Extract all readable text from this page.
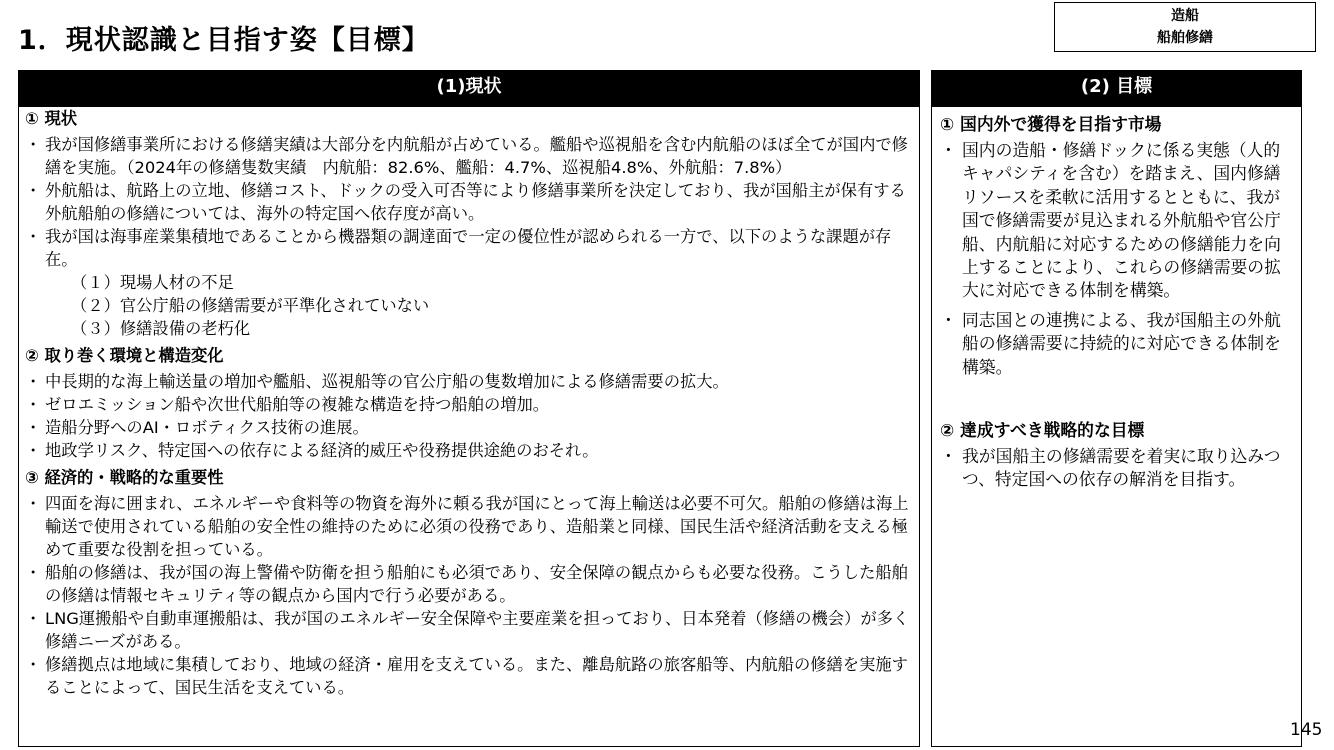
1．現状認識と目指す姿【目標】
造船
船舶修繕
(1)現状
① 現状

・ 我が国修繕事業所における修繕実績は大部分を内航船が占めている。艦船や巡視船を含む内航船のほぼ全てが国内で修繕を実施。（2024年の修繕隻数実績　内航船：82.6%、艦船：4.7%、巡視船4.8%、外航船：7.8%）

・ 外航船は、航路上の立地、修繕コスト、ドックの受入可否等により修繕事業所を決定しており、我が国船主が保有する外航船舶の修繕については、海外の特定国へ依存度が高い。

・ 我が国は海事産業集積地であることから機器類の調達面で一定の優位性が認められる一方で、以下のような課題が存在。

（１）現場人材の不足

（２）官公庁船の修繕需要が平準化されていない

（３）修繕設備の老朽化

② 取り巻く環境と構造変化

・ 中長期的な海上輸送量の増加や艦船、巡視船等の官公庁船の隻数増加による修繕需要の拡大。

・ ゼロエミッション船や次世代船舶等の複雑な構造を持つ船舶の増加。

・ 造船分野へのAI・ロボティクス技術の進展。

・ 地政学リスク、特定国への依存による経済的威圧や役務提供途絶のおそれ。

③ 経済的・戦略的な重要性

・ 四面を海に囲まれ、エネルギーや食料等の物資を海外に頼る我が国にとって海上輸送は必要不可欠。船舶の修繕は海上輸送で使用されている船舶の安全性の維持のために必須の役務であり、造船業と同様、国民生活や経済活動を支える極めて重要な役割を担っている。

・ 船舶の修繕は、我が国の海上警備や防衛を担う船舶にも必須であり、安全保障の観点からも必要な役務。こうした船舶の修繕は情報セキュリティ等の観点から国内で行う必要がある。

・ LNG運搬船や自動車運搬船は、我が国のエネルギー安全保障や主要産業を担っており、日本発着（修繕の機会）が多く修繕ニーズがある。

・ 修繕拠点は地域に集積しており、地域の経済・雇用を支えている。また、離島航路の旅客船等、内航船の修繕を実施することによって、国民生活を支えている。

(2) 目標
① 国内外で獲得を目指す市場

・ 国内の造船・修繕ドックに係る実態（人的キャパシティを含む）を踏まえ、国内修繕リソースを柔軟に活用するとともに、我が国で修繕需要が見込まれる外航船や官公庁船、内航船に対応するための修繕能力を向上することにより、これらの修繕需要の拡大に対応できる体制を構築。

・ 同志国との連携による、我が国船主の外航船の修繕需要に持続的に対応できる体制を構築。

② 達成すべき戦略的な目標

・ 我が国船主の修繕需要を着実に取り込みつつ、特定国への依存の解消を目指す。

145
